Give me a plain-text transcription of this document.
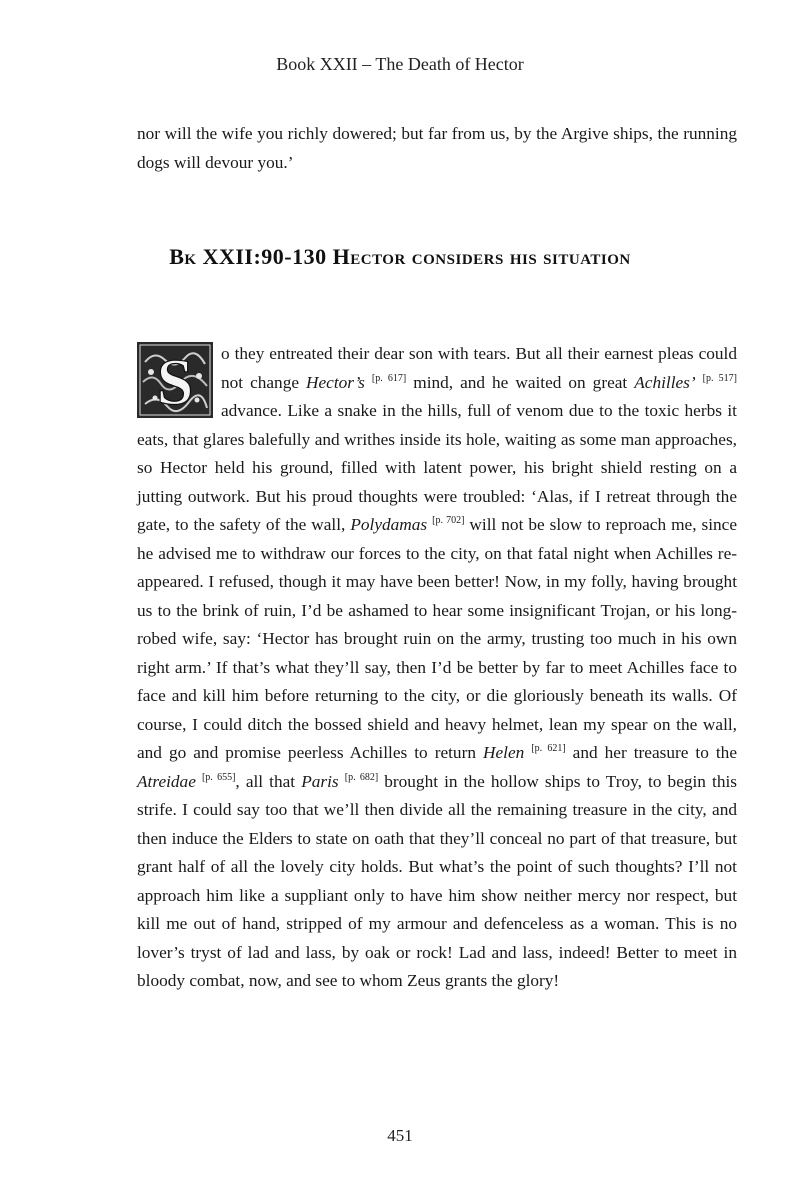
Book XXII – The Death of Hector

nor will the wife you richly dowered; but far from us, by the Argive ships, the running dogs will devour you.’

Bk XXII:90-130 Hector considers his situation

S o they entreated their dear son with tears. But all their earnest pleas could not change Hector’s [p. 617] mind, and he waited on great Achilles’ [p. 517] advance. Like a snake in the hills, full of venom due to the toxic herbs it eats, that glares balefully and writhes inside its hole, waiting as some man approaches, so Hector held his ground, filled with latent power, his bright shield resting on a jutting outwork. But his proud thoughts were troubled: ‘Alas, if I retreat through the gate, to the safety of the wall, Polydamas [p. 702] will not be slow to reproach me, since he advised me to withdraw our forces to the city, on that fatal night when Achilles re-appeared. I refused, though it may have been better! Now, in my folly, having brought us to the brink of ruin, I’d be ashamed to hear some insignificant Trojan, or his long-robed wife, say: ‘Hector has brought ruin on the army, trusting too much in his own right arm.’ If that’s what they’ll say, then I’d be better by far to meet Achilles face to face and kill him before returning to the city, or die gloriously beneath its walls. Of course, I could ditch the bossed shield and heavy helmet, lean my spear on the wall, and go and promise peerless Achilles to return Helen [p. 621] and her treasure to the Atreidae [p. 655], all that Paris [p. 682] brought in the hollow ships to Troy, to begin this strife. I could say too that we’ll then divide all the remaining treasure in the city, and then induce the Elders to state on oath that they’ll conceal no part of that treasure, but grant half of all the lovely city holds. But what’s the point of such thoughts? I’ll not approach him like a suppliant only to have him show neither mercy nor respect, but kill me out of hand, stripped of my armour and defenceless as a woman. This is no lover’s tryst of lad and lass, by oak or rock! Lad and lass, indeed! Better to meet in bloody combat, now, and see to whom Zeus grants the glory!

451
